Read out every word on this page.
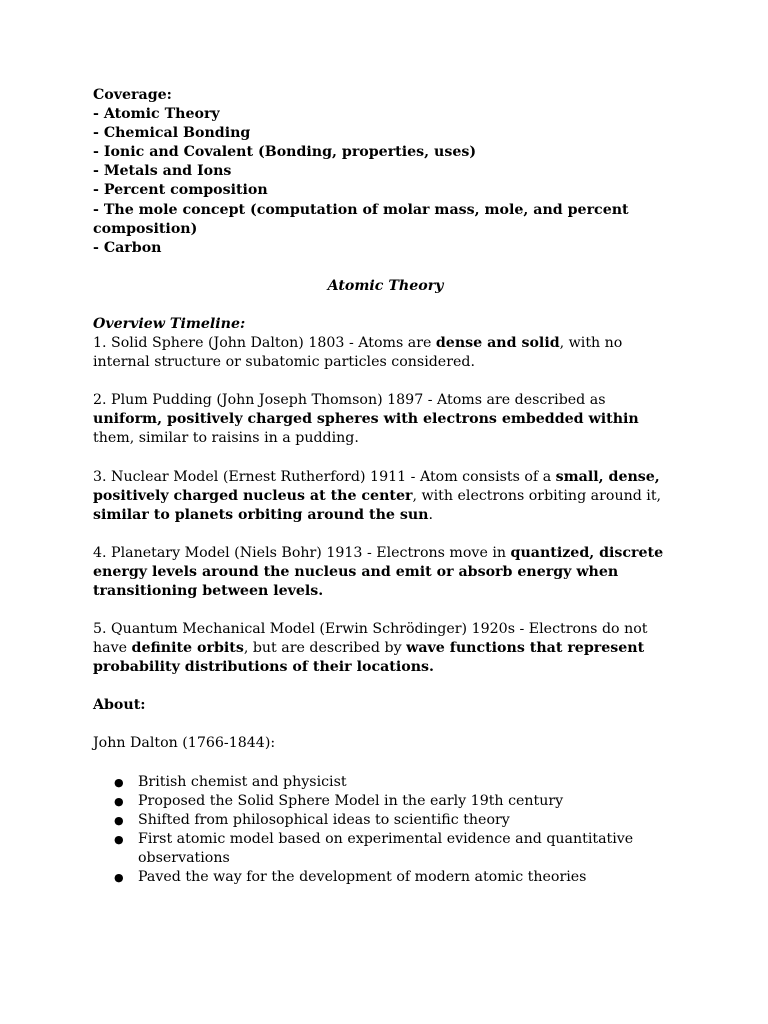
Coverage:

- Atomic Theory

- Chemical Bonding

- Ionic and Covalent (Bonding, properties, uses)

- Metals and Ions

- Percent composition

- The mole concept (computation of molar mass, mole, and percent composition)

- Carbon

Atomic Theory

Overview Timeline:

1. Solid Sphere (John Dalton) 1803 - Atoms are dense and solid, with no internal structure or subatomic particles considered.

2. Plum Pudding (John Joseph Thomson) 1897 - Atoms are described as uniform, positively charged spheres with electrons embedded within them, similar to raisins in a pudding.

3. Nuclear Model (Ernest Rutherford) 1911 - Atom consists of a small, dense, positively charged nucleus at the center, with electrons orbiting around it, similar to planets orbiting around the sun.

4. Planetary Model (Niels Bohr) 1913 - Electrons move in quantized, discrete energy levels around the nucleus and emit or absorb energy when transitioning between levels.

5. Quantum Mechanical Model (Erwin Schrödinger) 1920s - Electrons do not have definite orbits, but are described by wave functions that represent probability distributions of their locations.

About:

John Dalton (1766-1844):

● British chemist and physicist
● Proposed the Solid Sphere Model in the early 19th century
● Shifted from philosophical ideas to scientific theory
● First atomic model based on experimental evidence and quantitative observations
● Paved the way for the development of modern atomic theories
